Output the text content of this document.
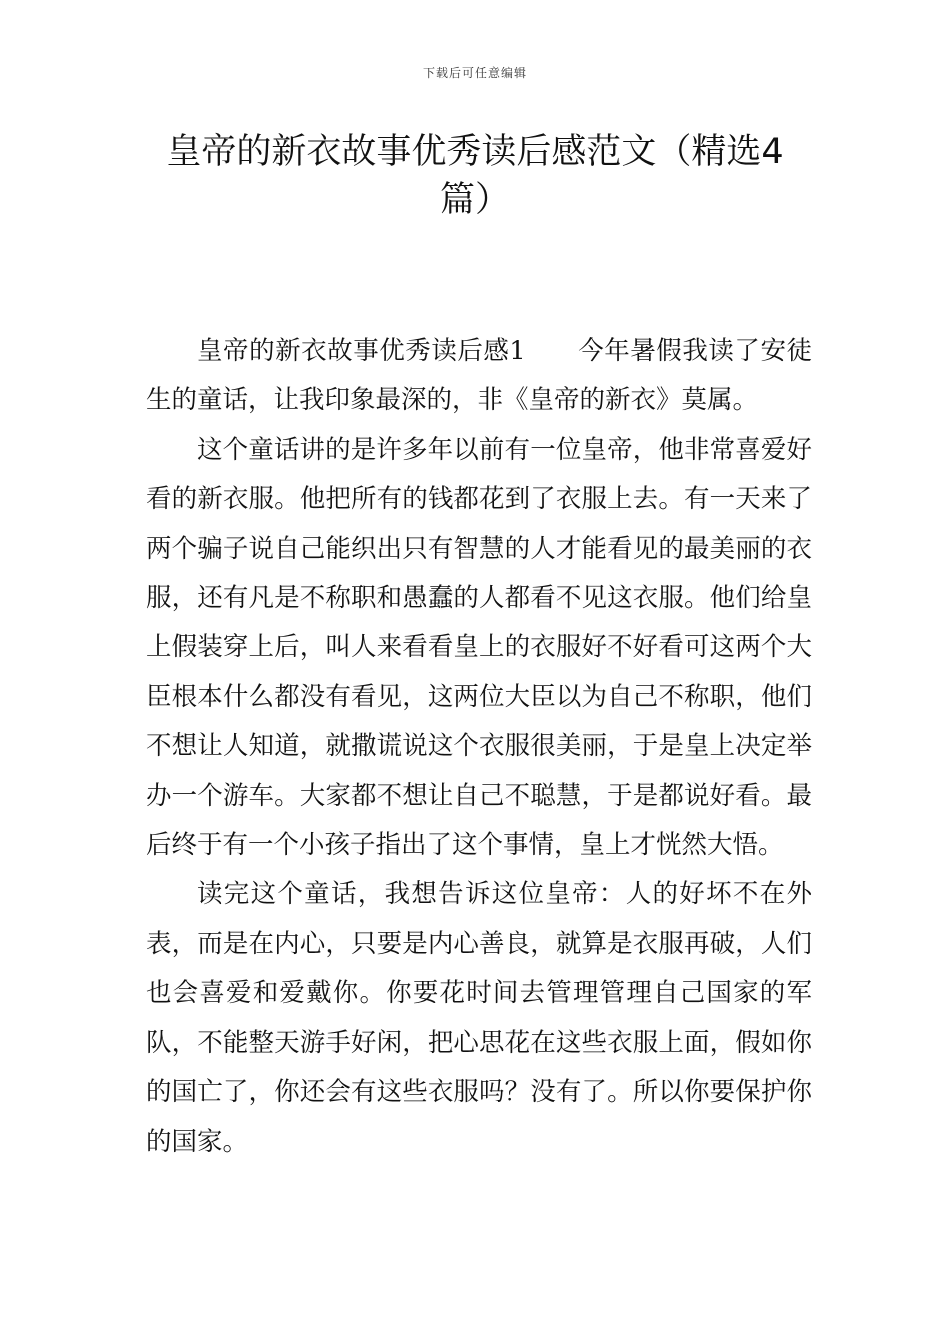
下载后可任意编辑
皇帝的新衣故事优秀读后感范文（精选4篇）

皇帝的新衣故事优秀读后感1 今年暑假我读了安徒生的童话，让我印象最深的，非《皇帝的新衣》莫属。

这个童话讲的是许多年以前有一位皇帝，他非常喜爱好看的新衣服。他把所有的钱都花到了衣服上去。有一天来了两个骗子说自己能织出只有智慧的人才能看见的最美丽的衣服，还有凡是不称职和愚蠢的人都看不见这衣服。他们给皇上假装穿上后，叫人来看看皇上的衣服好不好看可这两个大臣根本什么都没有看见，这两位大臣以为自己不称职，他们不想让人知道，就撒谎说这个衣服很美丽，于是皇上决定举办一个游车。大家都不想让自己不聪慧，于是都说好看。最后终于有一个小孩子指出了这个事情，皇上才恍然大悟。

读完这个童话，我想告诉这位皇帝：人的好坏不在外表，而是在内心，只要是内心善良，就算是衣服再破，人们也会喜爱和爱戴你。你要花时间去管理管理自己国家的军队，不能整天游手好闲，把心思花在这些衣服上面，假如你的国亡了，你还会有这些衣服吗？没有了。所以你要保护你的国家。
